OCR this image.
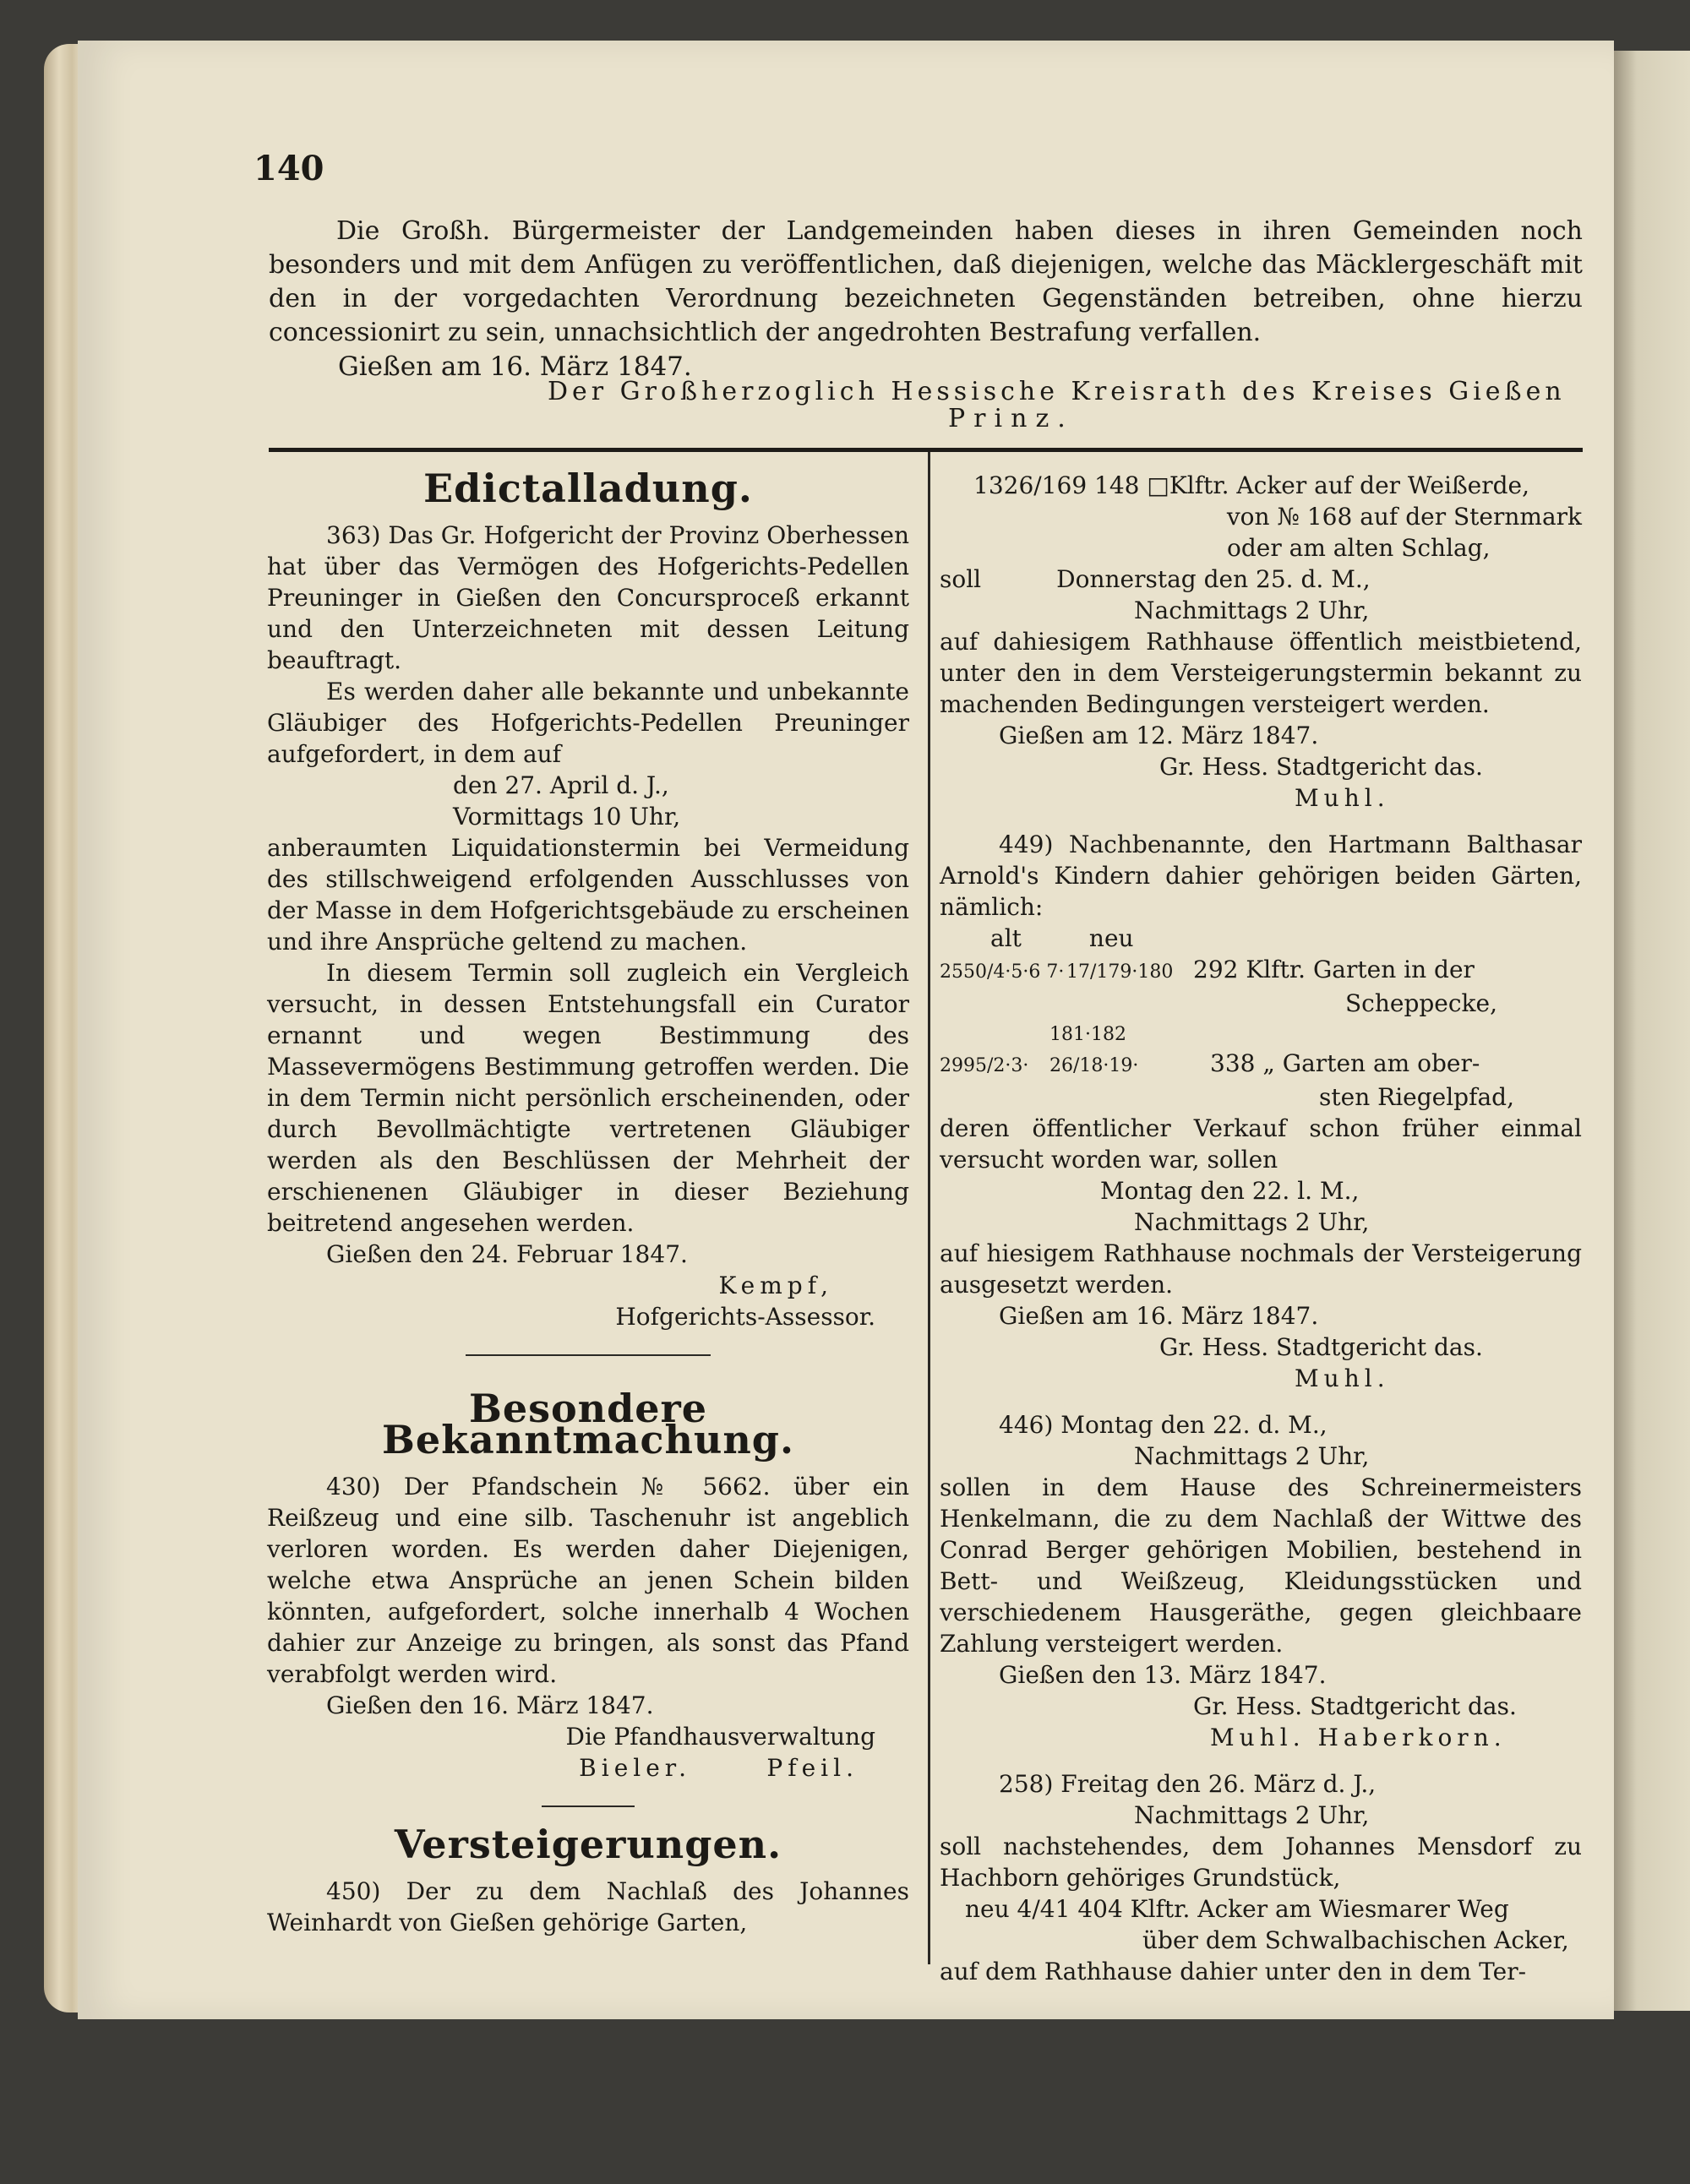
140

Die Großh. Bürgermeister der Landgemeinden haben dieses in ihren Gemeinden noch besonders und mit dem Anfügen zu veröffentlichen, daß diejenigen, welche das Mäcklergeschäft mit den in der vorgedachten Verordnung bezeichneten Gegenständen betreiben, ohne hierzu concessionirt zu sein, unnachsichtlich der angedrohten Bestrafung verfallen.

Gießen am 16. März 1847.
Der Großherzoglich Hessische Kreisrath des Kreises Gießen
Prinz.
Edictalladung.

363) Das Gr. Hofgericht der Provinz Oberhessen hat über das Vermögen des Hofgerichts-Pedellen Preuninger in Gießen den Concursproceß erkannt und den Unterzeichneten mit dessen Leitung beauftragt.

Es werden daher alle bekannte und unbekannte Gläubiger des Hofgerichts-Pedellen Preuninger aufgefordert, in dem auf

den 27. April d. J.,

Vormittags 10 Uhr,

anberaumten Liquidationstermin bei Vermeidung des stillschweigend erfolgenden Ausschlusses von der Masse in dem Hofgerichtsgebäude zu erscheinen und ihre Ansprüche geltend zu machen.

In diesem Termin soll zugleich ein Vergleich versucht, in dessen Entstehungsfall ein Curator ernannt und wegen Bestimmung des Massevermögens Bestimmung getroffen werden. Die in dem Termin nicht persönlich erscheinenden, oder durch Bevollmächtigte vertretenen Gläubiger werden als den Beschlüssen der Mehrheit der erschienenen Gläubiger in dieser Beziehung beitretend angesehen werden.

Gießen den 24. Februar 1847.

Kempf,

Hofgerichts-Assessor.

Besondere Bekanntmachung.

430) Der Pfandschein № 5662. über ein Reißzeug und eine silb. Taschenuhr ist angeblich verloren worden. Es werden daher Diejenigen, welche etwa Ansprüche an jenen Schein bilden könnten, aufgefordert, solche innerhalb 4 Wochen dahier zur Anzeige zu bringen, als sonst das Pfand verabfolgt werden wird.

Gießen den 16. März 1847.

Die Pfandhausverwaltung

Bieler.      Pfeil.

Versteigerungen.

450) Der zu dem Nachlaß des Johannes Weinhardt von Gießen gehörige Garten,

1326/169 148 □Klftr. Acker auf der Weißerde,

von № 168 auf der Sternmark

oder am alten Schlag,

soll          Donnerstag den 25. d. M.,

Nachmittags 2 Uhr,

auf dahiesigem Rathhause öffentlich meistbietend, unter den in dem Versteigerungstermin bekannt zu machenden Bedingungen versteigert werden.

Gießen am 12. März 1847.

Gr. Hess. Stadtgericht das.

Muhl.

449) Nachbenannte, den Hartmann Balthasar Arnold's Kindern dahier gehörigen beiden Gärten, nämlich:

alt	neu

2550/4·5·6 7· 17/179·180 292 Klftr. Garten in der

Scheppecke,

2995/2·3·181·182 26/18·19·	338 „ Garten am ober-

sten Riegelpfad,

deren öffentlicher Verkauf schon früher einmal versucht worden war, sollen

Montag den 22. l. M.,

Nachmittags 2 Uhr,

auf hiesigem Rathhause nochmals der Versteigerung ausgesetzt werden.

Gießen am 16. März 1847.

Gr. Hess. Stadtgericht das.

Muhl.

446) Montag den 22. d. M.,

Nachmittags 2 Uhr,

sollen in dem Hause des Schreinermeisters Henkelmann, die zu dem Nachlaß der Wittwe des Conrad Berger gehörigen Mobilien, bestehend in Bett- und Weißzeug, Kleidungsstücken und verschiedenem Hausgeräthe, gegen gleichbaare Zahlung versteigert werden.

Gießen den 13. März 1847.

Gr. Hess. Stadtgericht das.

Muhl. Haberkorn.

258) Freitag den 26. März d. J.,

Nachmittags 2 Uhr,

soll nachstehendes, dem Johannes Mensdorf zu Hachborn gehöriges Grundstück,

neu 4/41 404 Klftr. Acker am Wiesmarer Weg

über dem Schwalbachischen Acker,

auf dem Rathhause dahier unter den in dem Ter-
